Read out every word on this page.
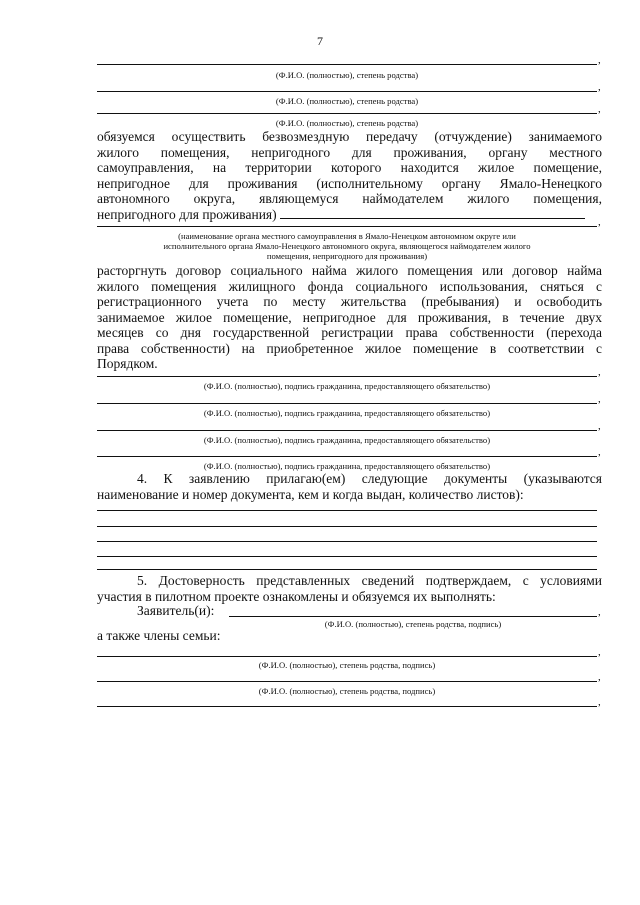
7
,
(Ф.И.О. (полностью), степень родства)
,
(Ф.И.О. (полностью), степень родства)
,
(Ф.И.О. (полностью), степень родства)
обязуемся осуществить безвозмездную передачу (отчуждение) занимаемого
жилого помещения, непригодного для проживания, органу местного
самоуправления, на территории которого находится жилое помещение,
непригодное для проживания (исполнительному органу Ямало-Ненецкого
автономного округа, являющемуся наймодателем жилого помещения,
непригодного для проживания)
,
(наименование органа местного самоуправления в Ямало-Ненецком автономном округе или
исполнительного органа Ямало-Ненецкого автономного округа, являющегося наймодателем жилого
помещения, непригодного для проживания)
расторгнуть договор социального найма жилого помещения или договор найма
жилого помещения жилищного фонда социального использования, сняться с
регистрационного учета по месту жительства (пребывания) и освободить
занимаемое жилое помещение, непригодное для проживания, в течение двух
месяцев со дня государственной регистрации права собственности (перехода
права собственности) на приобретенное жилое помещение в соответствии с
Порядком.
,
(Ф.И.О. (полностью), подпись гражданина, предоставляющего обязательство)
,
(Ф.И.О. (полностью), подпись гражданина, предоставляющего обязательство)
,
(Ф.И.О. (полностью), подпись гражданина, предоставляющего обязательство)
,
(Ф.И.О. (полностью), подпись гражданина, предоставляющего обязательство)
4. К заявлению прилагаю(ем) следующие документы (указываются
наименование и номер документа, кем и когда выдан, количество листов):
5. Достоверность представленных сведений подтверждаем, с условиями
участия в пилотном проекте ознакомлены и обязуемся их выполнять:
Заявитель(и):	,
(Ф.И.О. (полностью), степень родства, подпись)
а также члены семьи:
,
(Ф.И.О. (полностью), степень родства, подпись)
,
(Ф.И.О. (полностью), степень родства, подпись)
,
